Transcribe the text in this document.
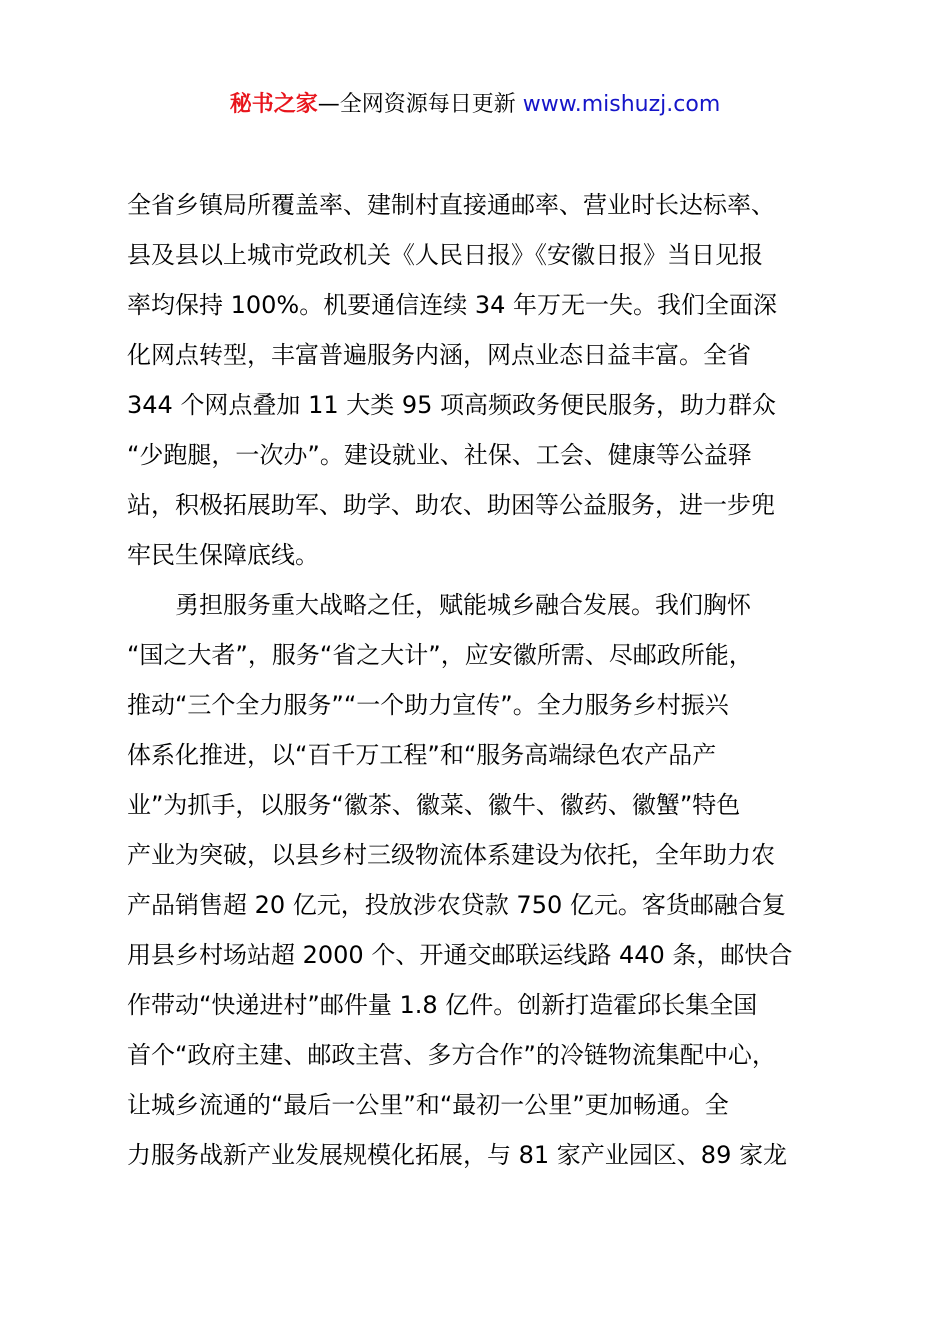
秘书之家—全网资源每日更新 www.mishuzj.com
全省乡镇局所覆盖率、建制村直接通邮率、营业时长达标率、
县及县以上城市党政机关《人民日报》《安徽日报》当日见报
率均保持 100%。机要通信连续 34 年万无一失。我们全面深
化网点转型，丰富普遍服务内涵，网点业态日益丰富。全省
344 个网点叠加 11 大类 95 项高频政务便民服务，助力群众
“少跑腿，一次办”。建设就业、社保、工会、健康等公益驿
站，积极拓展助军、助学、助农、助困等公益服务，进一步兜
牢民生保障底线。
勇担服务重大战略之任，赋能城乡融合发展。我们胸怀
“国之大者”，服务“省之大计”，应安徽所需、尽邮政所能，
推动“三个全力服务”“一个助力宣传”。全力服务乡村振兴
体系化推进，以“百千万工程”和“服务高端绿色农产品产
业”为抓手，以服务“徽茶、徽菜、徽牛、徽药、徽蟹”特色
产业为突破，以县乡村三级物流体系建设为依托，全年助力农
产品销售超 20 亿元，投放涉农贷款 750 亿元。客货邮融合复
用县乡村场站超 2000 个、开通交邮联运线路 440 条，邮快合
作带动“快递进村”邮件量 1.8 亿件。创新打造霍邱长集全国
首个“政府主建、邮政主营、多方合作”的冷链物流集配中心，
让城乡流通的“最后一公里”和“最初一公里”更加畅通。全
力服务战新产业发展规模化拓展，与 81 家产业园区、89 家龙
